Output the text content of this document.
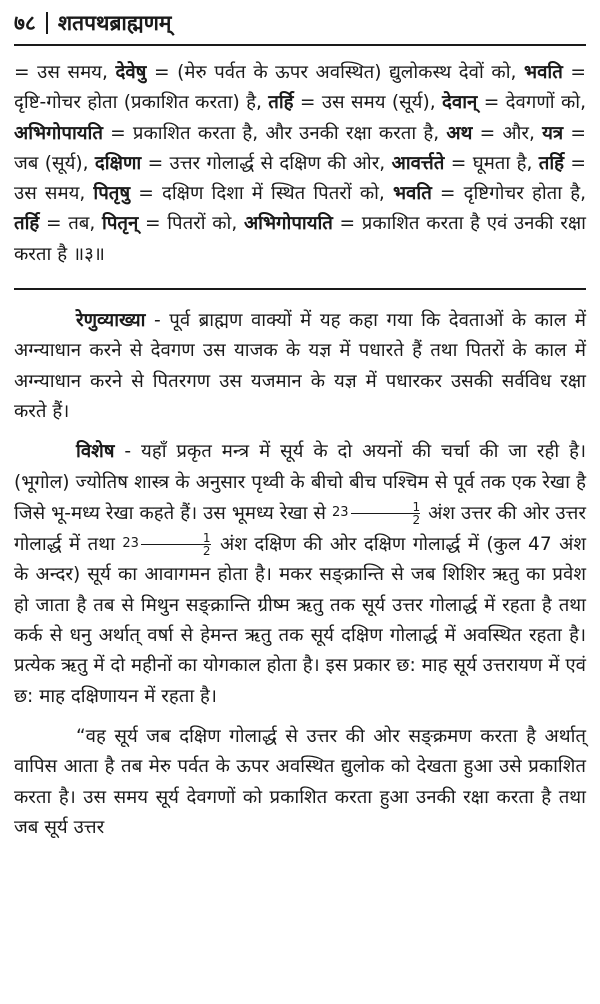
७८ शतपथब्राह्मणम्

= उस समय, देवेषु = (मेरु पर्वत के ऊपर अवस्थित) द्युलोकस्थ देवों को, भवति = दृष्टि-गोचर होता (प्रकाशित करता) है, तर्हि = उस समय (सूर्य), देवान् = देवगणों को, अभिगोपायति = प्रकाशित करता है, और उनकी रक्षा करता है, अथ = और, यत्र = जब (सूर्य), दक्षिणा = उत्तर गोलार्द्ध से दक्षिण की ओर, आवर्त्तते = घूमता है, तर्हि = उस समय, पितृषु = दक्षिण दिशा में स्थित पितरों को, भवति = दृष्टिगोचर होता है, तर्हि = तब, पितृन् = पितरों को, अभिगोपायति = प्रकाशित करता है एवं उनकी रक्षा करता है ॥३॥

रेणुव्याख्या - पूर्व ब्राह्मण वाक्यों में यह कहा गया कि देवताओं के काल में अग्न्याधान करने से देवगण उस याजक के यज्ञ में पधारते हैं तथा पितरों के काल में अग्न्याधान करने से पितरगण उस यजमान के यज्ञ में पधारकर उसकी सर्वविध रक्षा करते हैं।

विशेष - यहाँ प्रकृत मन्त्र में सूर्य के दो अयनों की चर्चा की जा रही है। (भूगोल) ज्योतिष शास्त्र के अनुसार पृथ्वी के बीचो बीच पश्चिम से पूर्व तक एक रेखा है जिसे भू-मध्य रेखा कहते हैं। उस भूमध्य रेखा से $23 \frac{1}{2}$ अंश उत्तर की ओर उत्तर गोलार्द्ध में तथा $23 \frac{1}{2}$ अंश दक्षिण की ओर दक्षिण गोलार्द्ध में (कुल 47 अंश के अन्दर) सूर्य का आवागमन होता है। मकर सङ्क्रान्ति से जब शिशिर ऋतु का प्रवेश हो जाता है तब से मिथुन सङ्क्रान्ति ग्रीष्म ऋतु तक सूर्य उत्तर गोलार्द्ध में रहता है तथा कर्क से धनु अर्थात् वर्षा से हेमन्त ऋतु तक सूर्य दक्षिण गोलार्द्ध में अवस्थित रहता है। प्रत्येक ऋतु में दो महीनों का योगकाल होता है। इस प्रकार छ: माह सूर्य उत्तरायण में एवं छ: माह दक्षिणायन में रहता है।

“वह सूर्य जब दक्षिण गोलार्द्ध से उत्तर की ओर सङ्क्रमण करता है अर्थात् वापिस आता है तब मेरु पर्वत के ऊपर अवस्थित द्युलोक को देखता हुआ उसे प्रकाशित करता है। उस समय सूर्य देवगणों को प्रकाशित करता हुआ उनकी रक्षा करता है तथा जब सूर्य उत्तर
